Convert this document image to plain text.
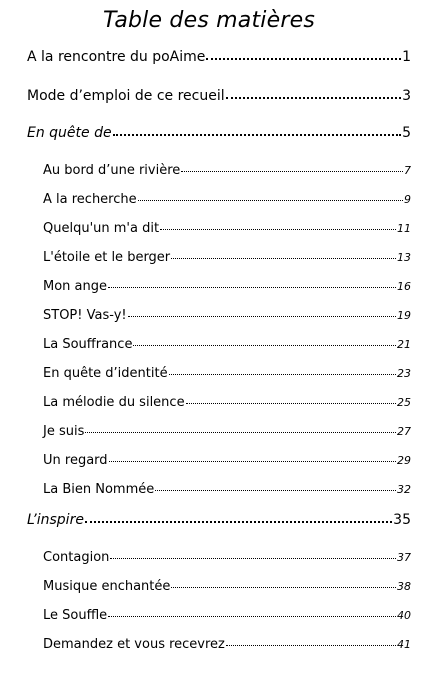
Table des matières
A la rencontre du poAime	1
Mode d’emploi de ce recueil	3
En quête de	5
Au bord d’une rivière	7
A la recherche	9
Quelqu'un m'a dit	11
L'étoile et le berger	13
Mon ange	16
STOP! Vas-y!	19
La Souffrance	21
En quête d’identité	23
La mélodie du silence	25
Je suis	27
Un regard	29
La Bien Nommée	32
L’inspire	35
Contagion	37
Musique enchantée	38
Le Souffle	40
Demandez et vous recevrez	41
